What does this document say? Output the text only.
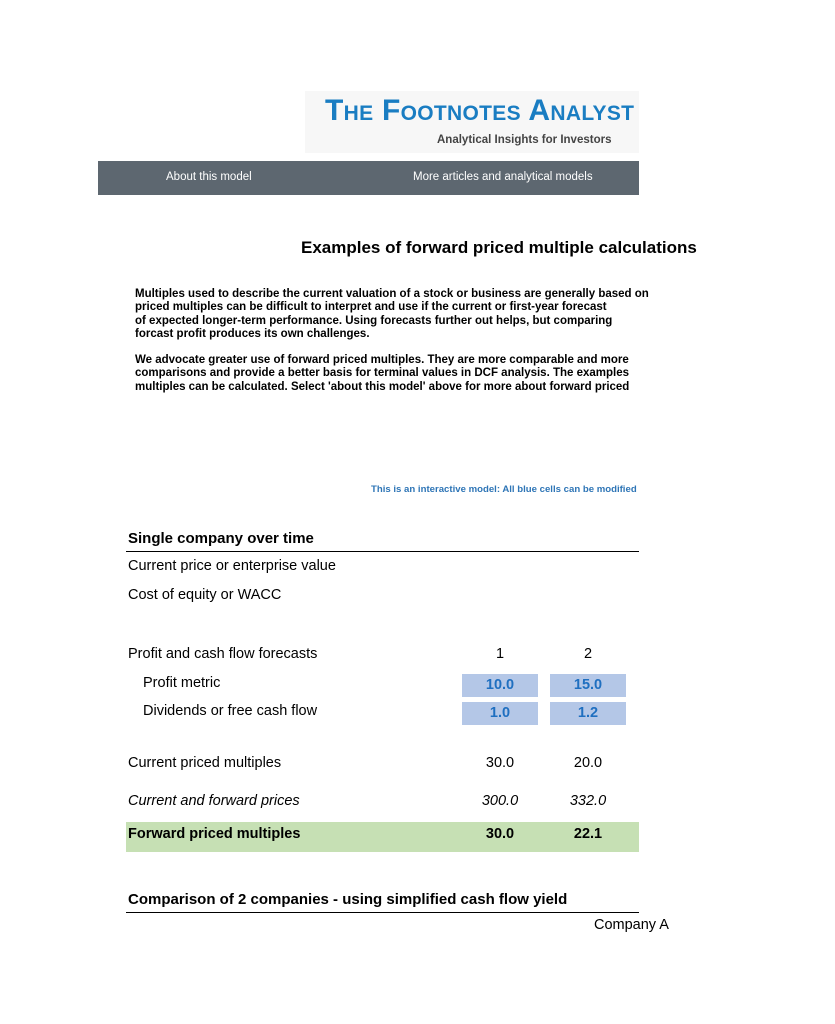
The Footnotes Analyst
Analytical Insights for Investors
About this model	More articles and analytical models
Examples of forward priced multiple calculations
Multiples used to describe the current valuation of a stock or business are generally based on
priced multiples can be difficult to interpret and use if the current or first-year forecast
of expected longer-term performance. Using forecasts further out helps, but comparing
forcast profit produces its own challenges.
We advocate greater use of forward priced multiples. They are more comparable and more
comparisons and provide a better basis for terminal values in DCF analysis. The examples
multiples can be calculated. Select 'about this model' above for more about forward priced
This is an interactive model: All blue cells can be modified
Single company over time
Current price or enterprise value
Cost of equity or WACC
Profit and cash flow forecasts	1	2
Profit metric	10.0	15.0
Dividends or free cash flow	1.0	1.2
Current priced multiples	30.0	20.0
Current and forward prices	300.0	332.0
Forward priced multiples	30.0	22.1
Comparison of 2 companies - using simplified cash flow yield
Company A
